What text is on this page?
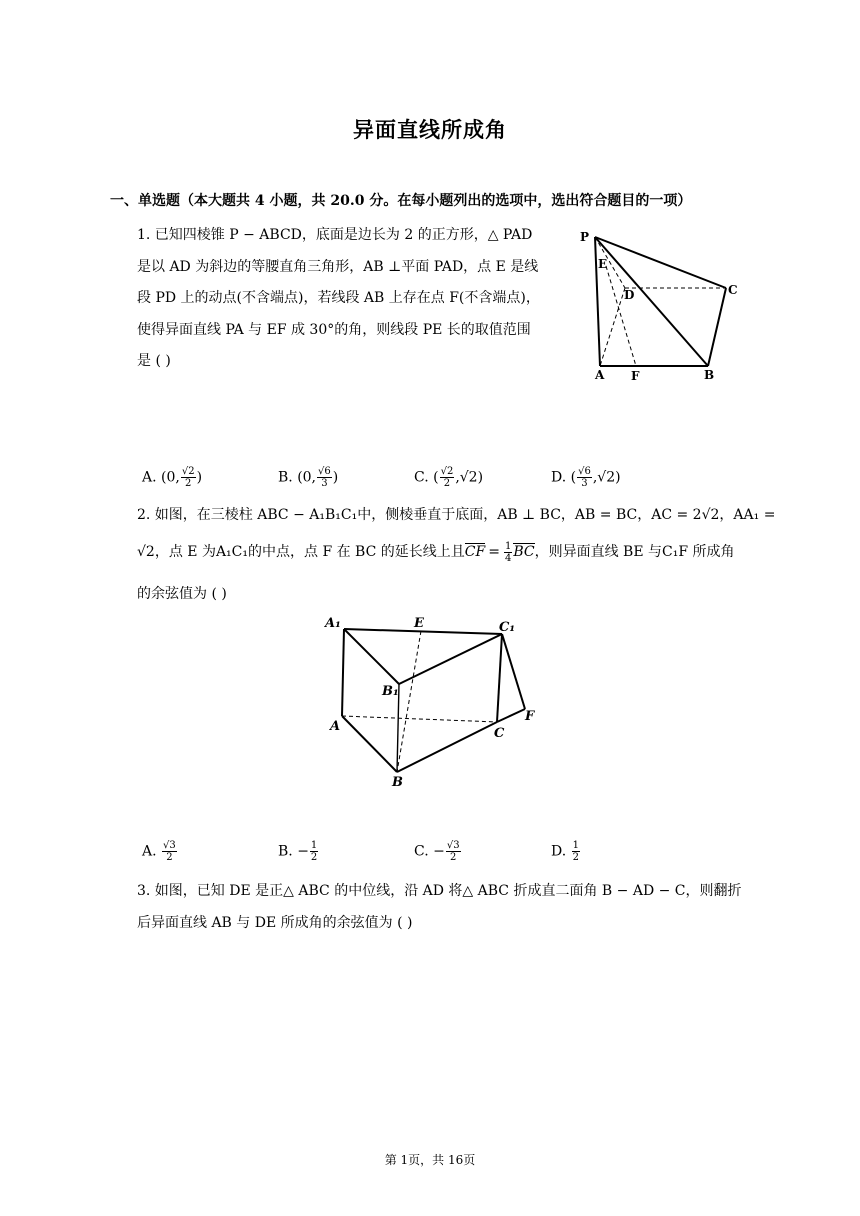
异面直线所成角
一、单选题（本大题共 4 小题，共 20.0 分。在每小题列出的选项中，选出符合题目的一项）
1. 已知四棱锥 P − ABCD，底面是边长为 2 的正方形，△ PAD
是以 AD 为斜边的等腰直角三角形，AB ⊥平面 PAD，点 E 是线
段 PD 上的动点(不含端点)，若线段 AB 上存在点 F(不含端点)，
使得异面直线 PA 与 EF 成 30°的角，则线段 PE 长的取值范围
是 ( )
P
E
D	C
A F	B
A. (0, $\frac{√2}{2}$ )	B. (0, $\frac{√6}{3}$ )	C. ( $\frac{√2}{2} ,√2$)	D. ( $\frac{√6}{3} ,√2$)
2. 如图，在三棱柱 ABC − A₁B₁C₁中，侧棱垂直于底面，AB ⊥ BC，AB = BC，AC = 2√2，AA₁ =
√2，点 E 为A₁C₁的中点，点 F 在 BC 的延长线上且CF = $\frac{1}{4}$ BC，则异面直线 BE 与C₁F 所成角
的余弦值为 ( )
A₁	E	C₁
B₁
A	C
F
B
A. $\frac{√3}{2}$	B. − $\frac{1}{2}$	C. − $\frac{√3}{2}$	D. $\frac{1}{2}$
3. 如图，已知 DE 是正△ ABC 的中位线，沿 AD 将△ ABC 折成直二面角 B − AD − C，则翻折
后异面直线 AB 与 DE 所成角的余弦值为 ( )
第 1页，共 16页
